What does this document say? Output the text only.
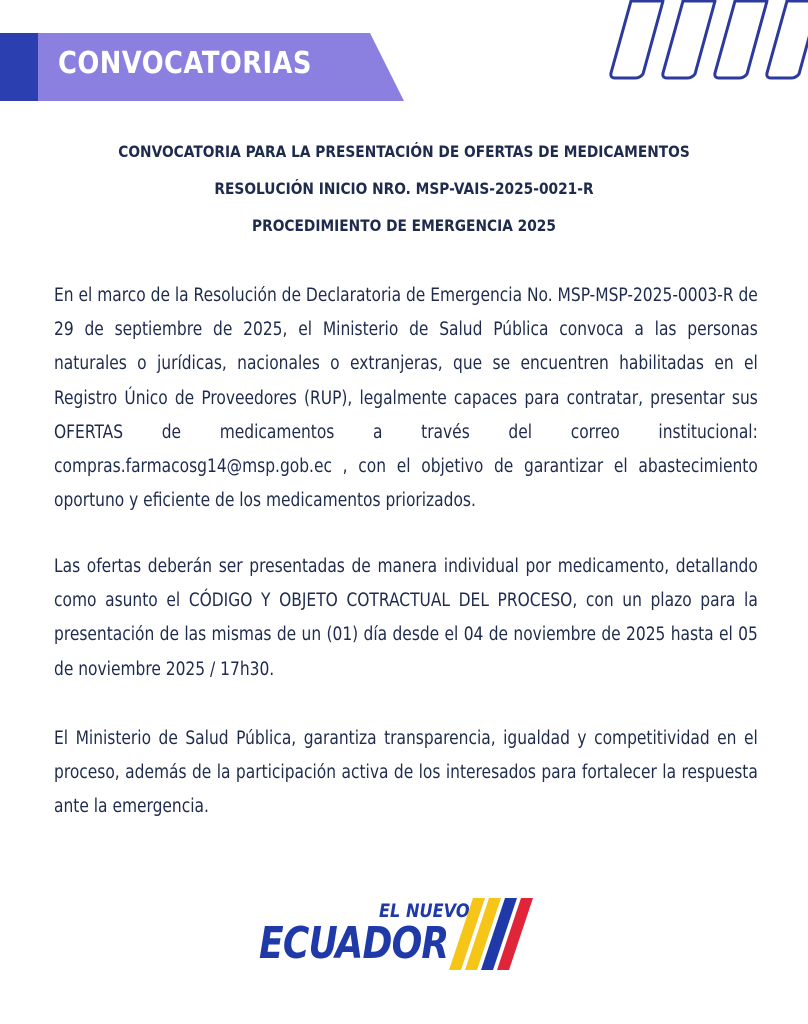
CONVOCATORIAS
CONVOCATORIA PARA LA PRESENTACIÓN DE OFERTAS DE MEDICAMENTOS
RESOLUCIÓN INICIO NRO. MSP-VAIS-2025-0021-R
PROCEDIMIENTO DE EMERGENCIA 2025
En el marco de la Resolución de Declaratoria de Emergencia No. MSP-MSP-2025-0003-R de 29 de septiembre de 2025, el Ministerio de Salud Pública convoca a las personas naturales o jurídicas, nacionales o extranjeras, que se encuentren habilitadas en el Registro Único de Proveedores (RUP), legalmente capaces para contratar, presentar sus OFERTAS de medicamentos a través del correo institucional: compras.farmacosg14@msp.gob.ec , con el objetivo de garantizar el abastecimiento oportuno y eficiente de los medicamentos priorizados.
Las ofertas deberán ser presentadas de manera individual por medicamento, detallando como asunto el CÓDIGO Y OBJETO COTRACTUAL DEL PROCESO, con un plazo para la presentación de las mismas de un (01) día desde el 04 de noviembre de 2025 hasta el 05 de noviembre 2025 / 17h30.
El Ministerio de Salud Pública, garantiza transparencia, igualdad y competitividad en el proceso, además de la participación activa de los interesados para fortalecer la respuesta ante la emergencia.
EL NUEVO
ECUADOR
